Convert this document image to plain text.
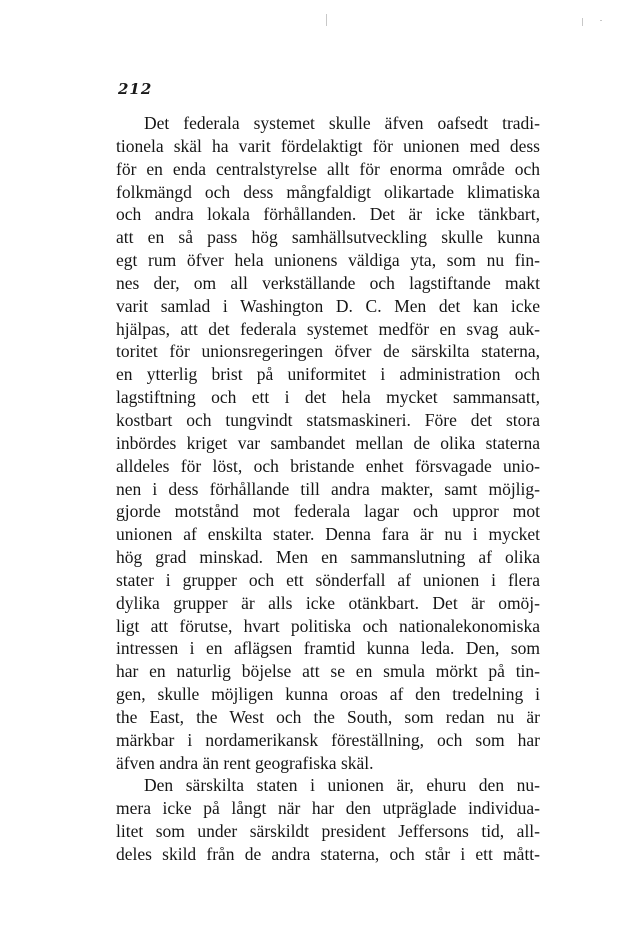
212
Det federala systemet skulle äfven oafsedt tradi-
tionela skäl ha varit fördelaktigt för unionen med dess
för en enda centralstyrelse allt för enorma område och
folkmängd och dess mångfaldigt olikartade klimatiska
och andra lokala förhållanden. Det är icke tänkbart,
att en så pass hög samhällsutveckling skulle kunna
egt rum öfver hela unionens väldiga yta, som nu fin-
nes der, om all verkställande och lagstiftande makt
varit samlad i Washington D. C. Men det kan icke
hjälpas, att det federala systemet medför en svag auk-
toritet för unionsregeringen öfver de särskilta staterna,
en ytterlig brist på uniformitet i administration och
lagstiftning och ett i det hela mycket sammansatt,
kostbart och tungvindt statsmaskineri. Före det stora
inbördes kriget var sambandet mellan de olika staterna
alldeles för löst, och bristande enhet försvagade unio-
nen i dess förhållande till andra makter, samt möjlig-
gjorde motstånd mot federala lagar och uppror mot
unionen af enskilta stater. Denna fara är nu i mycket
hög grad minskad. Men en sammanslutning af olika
stater i grupper och ett sönderfall af unionen i flera
dylika grupper är alls icke otänkbart. Det är omöj-
ligt att förutse, hvart politiska och nationalekonomiska
intressen i en aflägsen framtid kunna leda. Den, som
har en naturlig böjelse att se en smula mörkt på tin-
gen, skulle möjligen kunna oroas af den tredelning i
the East, the West och the South, som redan nu är
märkbar i nordamerikansk föreställning, och som har
äfven andra än rent geografiska skäl.
Den särskilta staten i unionen är, ehuru den nu-
mera icke på långt när har den utpräglade individua-
litet som under särskildt president Jeffersons tid, all-
deles skild från de andra staterna, och står i ett mått-
